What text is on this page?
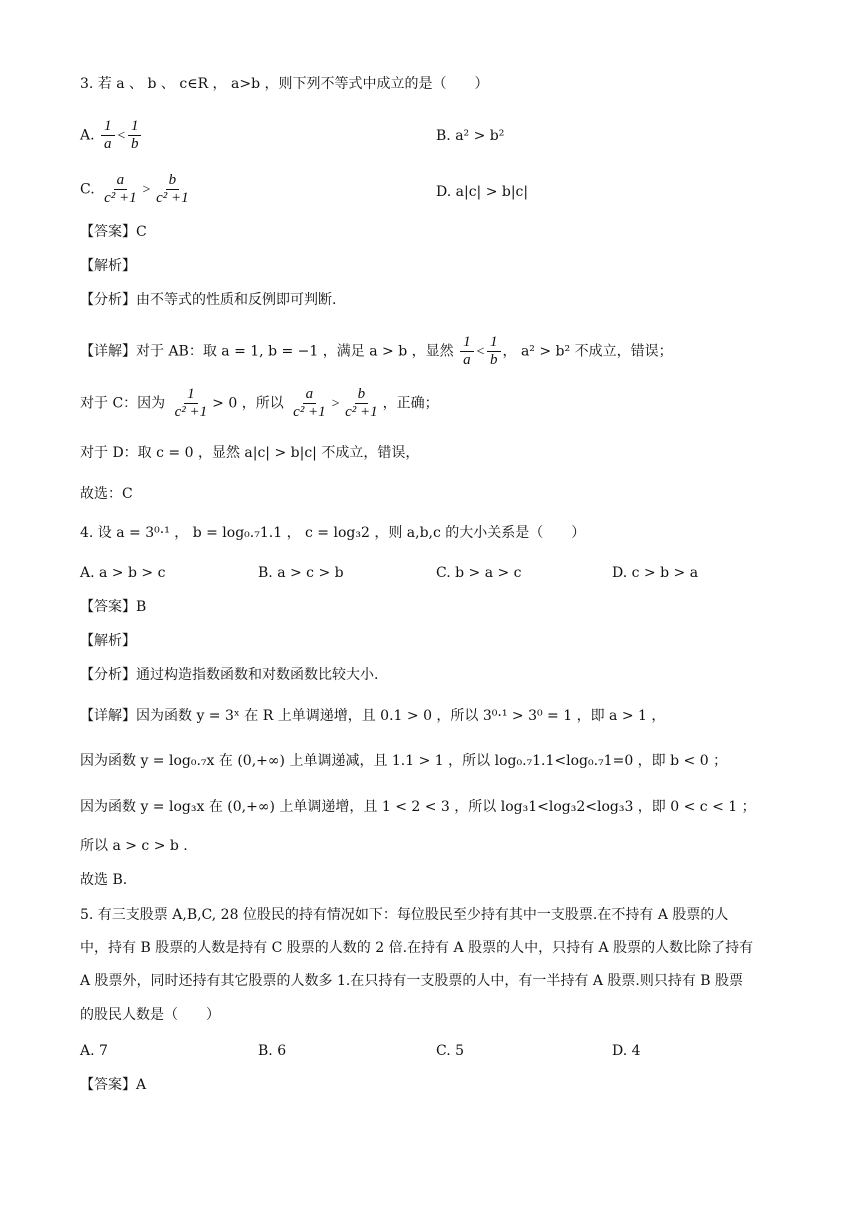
3. 若 a 、 b 、 c∈R ， a>b ，则下列不等式中成立的是（　　）
A. $\frac{1}{a} < \frac{1}{b}$	B. a² > b²
C. $\frac{a}{\text{c² +1}} > \frac{b}{\text{c² +1}}$	D. a|c| > b|c|
【答案】C
【解析】
【分析】由不等式的性质和反例即可判断.
【详解】对于 AB：取 a = 1, b = −1 ，满足 a > b ，显然 $\frac{1}{a} < \frac{1}{b}$ ， a² > b² 不成立，错误；
对于 C：因为 $\frac{1}{\text{c² +1}} > 0$ ，所以 $\frac{a}{\text{c² +1}} > \frac{b}{\text{c² +1}}$ ，正确；
对于 D：取 c = 0 ，显然 a|c| > b|c| 不成立，错误，
故选：C
4. 设 a = 3⁰·¹ ， b = log₀.₇1.1 ， c = log₃2 ，则 a,b,c 的大小关系是（　　）
A. a > b > c	B. a > c > b	C. b > a > c	D. c > b > a
【答案】B
【解析】
【分析】通过构造指数函数和对数函数比较大小.
【详解】因为函数 y = 3ˣ 在 R 上单调递增，且 0.1 > 0 ，所以 3⁰·¹ > 3⁰ = 1 ，即 a > 1 ，
因为函数 y = log₀.₇x 在 (0,+∞) 上单调递减，且 1.1 > 1 ，所以 log₀.₇1.1<log₀.₇1=0 ，即 b < 0 ；
因为函数 y = log₃x 在 (0,+∞) 上单调递增，且 1 < 2 < 3 ，所以 log₃1<log₃2<log₃3 ，即 0 < c < 1 ；
所以 a > c > b .
故选 B.
5. 有三支股票 A,B,C, 28 位股民的持有情况如下：每位股民至少持有其中一支股票.在不持有 A 股票的人
中，持有 B 股票的人数是持有 C 股票的人数的 2 倍.在持有 A 股票的人中，只持有 A 股票的人数比除了持有
A 股票外，同时还持有其它股票的人数多 1.在只持有一支股票的人中，有一半持有 A 股票.则只持有 B 股票
的股民人数是（　　）
A. 7	B. 6	C. 5	D. 4
【答案】A
